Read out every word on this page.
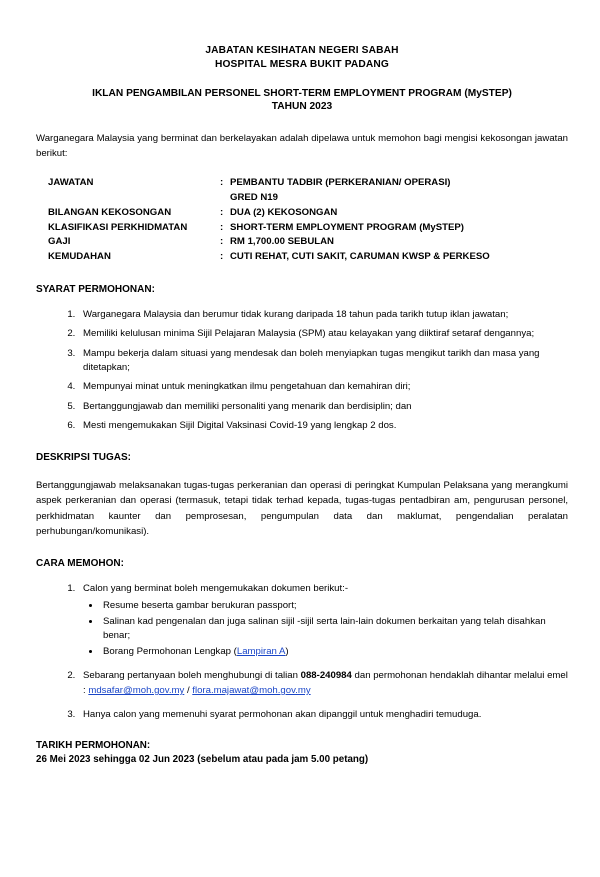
JABATAN KESIHATAN NEGERI SABAH
HOSPITAL MESRA BUKIT PADANG
IKLAN PENGAMBILAN PERSONEL SHORT-TERM EMPLOYMENT PROGRAM (MySTEP)
TAHUN 2023
Warganegara Malaysia yang berminat dan berkelayakan adalah dipelawa untuk memohon bagi mengisi kekosongan jawatan berikut:
JAWATAN	:	PEMBANTU TADBIR (PERKERANIAN/ OPERASI)
		GRED N19
BILANGAN KEKOSONGAN	:	DUA (2) KEKOSONGAN
KLASIFIKASI PERKHIDMATAN	:	SHORT-TERM EMPLOYMENT PROGRAM (MySTEP)
GAJI	:	RM 1,700.00 SEBULAN
KEMUDAHAN	:	CUTI REHAT, CUTI SAKIT, CARUMAN KWSP & PERKESO
SYARAT PERMOHONAN:
1. Warganegara Malaysia dan berumur tidak kurang daripada 18 tahun pada tarikh tutup iklan jawatan;
2. Memiliki kelulusan minima Sijil Pelajaran Malaysia (SPM) atau kelayakan yang diiktiraf setaraf dengannya;
3. Mampu bekerja dalam situasi yang mendesak dan boleh menyiapkan tugas mengikut tarikh dan masa yang ditetapkan;
4. Mempunyai minat untuk meningkatkan ilmu pengetahuan dan kemahiran diri;
5. Bertanggungjawab dan memiliki personaliti yang menarik dan berdisiplin; dan
6. Mesti mengemukakan Sijil Digital Vaksinasi Covid-19 yang lengkap 2 dos.
DESKRIPSI TUGAS:
Bertanggungjawab melaksanakan tugas-tugas perkeranian dan operasi di peringkat Kumpulan Pelaksana yang merangkumi aspek perkeranian dan operasi (termasuk, tetapi tidak terhad kepada, tugas-tugas pentadbiran am, pengurusan personel, perkhidmatan kaunter dan pemprosesan, pengumpulan data dan maklumat, pengendalian peralatan perhubungan/komunikasi).
CARA MEMOHON:
1. Calon yang berminat boleh mengemukakan dokumen berikut:-
• Resume beserta gambar berukuran passport;
• Salinan kad pengenalan dan juga salinan sijil -sijil serta lain-lain dokumen berkaitan yang telah disahkan benar;
• Borang Permohonan Lengkap (Lampiran A)
2. Sebarang pertanyaan boleh menghubungi di talian 088-240984 dan permohonan hendaklah dihantar melalui emel : mdsafar@moh.gov.my / flora.majawat@moh.gov.my
3. Hanya calon yang memenuhi syarat permohonan akan dipanggil untuk menghadiri temuduga.
TARIKH PERMOHONAN:
26 Mei 2023 sehingga 02 Jun 2023 (sebelum atau pada jam 5.00 petang)
